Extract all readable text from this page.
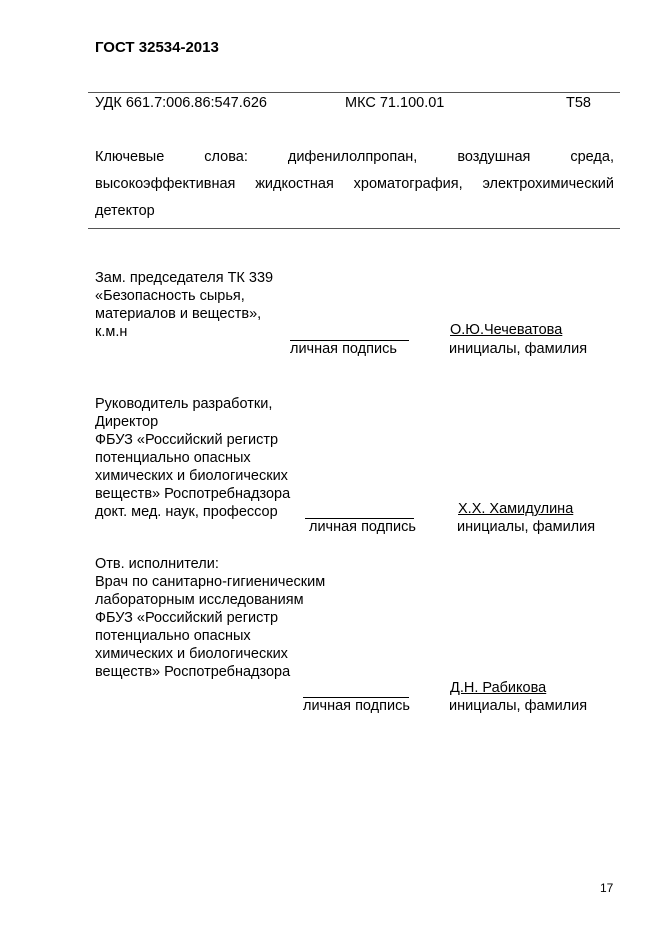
ГОСТ 32534-2013
УДК 661.7:006.86:547.626	МКС 71.100.01	Т58
Ключевые слова: дифенилолпропан, воздушная среда, высокоэффективная жидкостная хроматография, электрохимический детектор
Зам. председателя ТК 339
«Безопасность сырья,
материалов и веществ»,
к.м.н
личная подпись
О.Ю.Чечеватова
инициалы, фамилия
Руководитель разработки,
Директор
ФБУЗ «Российский регистр
потенциально опасных
химических и биологических
веществ» Роспотребнадзора
докт. мед. наук, профессор
личная подпись
Х.Х. Хамидулина
инициалы, фамилия
Отв. исполнители:
Врач по санитарно-гигиеническим
лабораторным исследованиям
ФБУЗ «Российский регистр
потенциально опасных
химических и биологических
веществ» Роспотребнадзора
личная подпись
Д.Н. Рабикова
инициалы, фамилия
17
